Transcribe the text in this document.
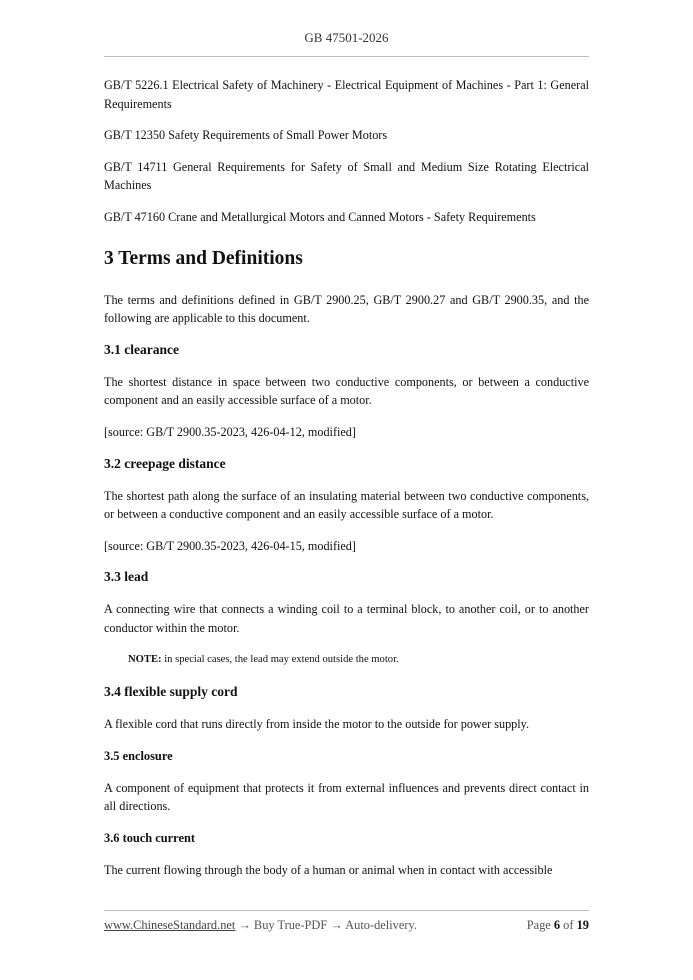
GB 47501-2026

GB/T 5226.1 Electrical Safety of Machinery - Electrical Equipment of Machines - Part 1: General Requirements

GB/T 12350 Safety Requirements of Small Power Motors

GB/T 14711 General Requirements for Safety of Small and Medium Size Rotating Electrical Machines

GB/T 47160 Crane and Metallurgical Motors and Canned Motors - Safety Requirements

3 Terms and Definitions

The terms and definitions defined in GB/T 2900.25, GB/T 2900.27 and GB/T 2900.35, and the following are applicable to this document.

3.1 clearance

The shortest distance in space between two conductive components, or between a conductive component and an easily accessible surface of a motor.

[source: GB/T 2900.35-2023, 426-04-12, modified]

3.2 creepage distance

The shortest path along the surface of an insulating material between two conductive components, or between a conductive component and an easily accessible surface of a motor.

[source: GB/T 2900.35-2023, 426-04-15, modified]

3.3 lead

A connecting wire that connects a winding coil to a terminal block, to another coil, or to another conductor within the motor.

NOTE: in special cases, the lead may extend outside the motor.

3.4 flexible supply cord

A flexible cord that runs directly from inside the motor to the outside for power supply.

3.5 enclosure

A component of equipment that protects it from external influences and prevents direct contact in all directions.

3.6 touch current

The current flowing through the body of a human or animal when in contact with accessible

www.ChineseStandard.net → Buy True-PDF → Auto-delivery.	Page 6 of 19
